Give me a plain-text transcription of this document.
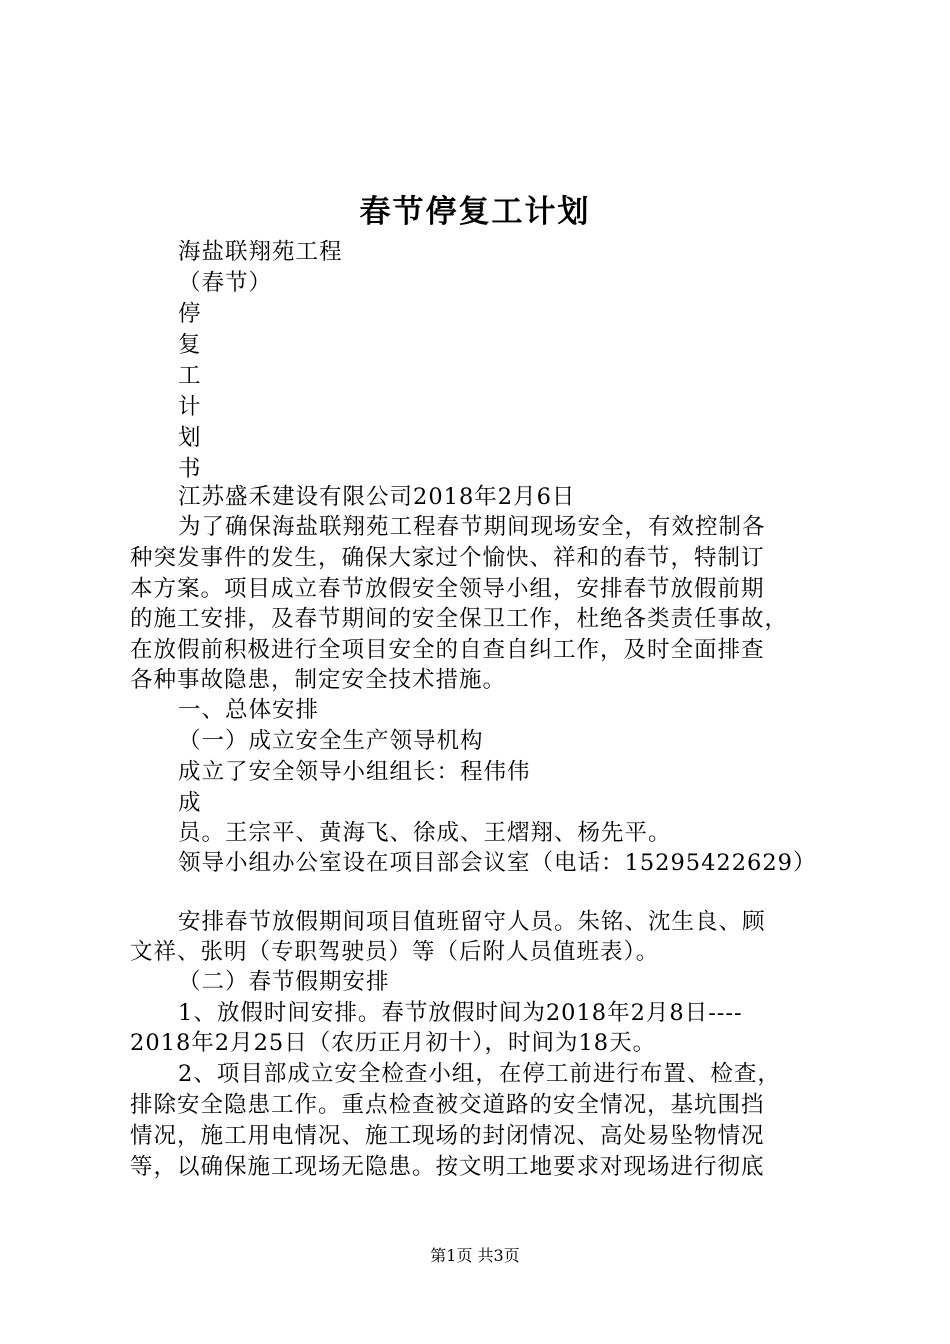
春节停复工计划
海盐联翔苑工程
（春节）
停
复
工
计
划
书
江苏盛禾建设有限公司2018年2月6日
为了确保海盐联翔苑工程春节期间现场安全，有效控制各
种突发事件的发生，确保大家过个愉快、祥和的春节，特制订
本方案。项目成立春节放假安全领导小组，安排春节放假前期
的施工安排，及春节期间的安全保卫工作，杜绝各类责任事故，
在放假前积极进行全项目安全的自查自纠工作，及时全面排查
各种事故隐患，制定安全技术措施。
一、总体安排
（一）成立安全生产领导机构
成立了安全领导小组组长：程伟伟
成
员。王宗平、黄海飞、徐成、王熠翔、杨先平。
领导小组办公室设在项目部会议室（电话：15295422629）
安排春节放假期间项目值班留守人员。朱铭、沈生良、顾
文祥、张明（专职驾驶员）等（后附人员值班表）。
（二）春节假期安排
1、放假时间安排。春节放假时间为2018年2月8日----
2018年2月25日（农历正月初十），时间为18天。
2、项目部成立安全检查小组，在停工前进行布置、检查，
排除安全隐患工作。重点检查被交道路的安全情况，基坑围挡
情况，施工用电情况、施工现场的封闭情况、高处易坠物情况
等，以确保施工现场无隐患。按文明工地要求对现场进行彻底
第1页 共3页
